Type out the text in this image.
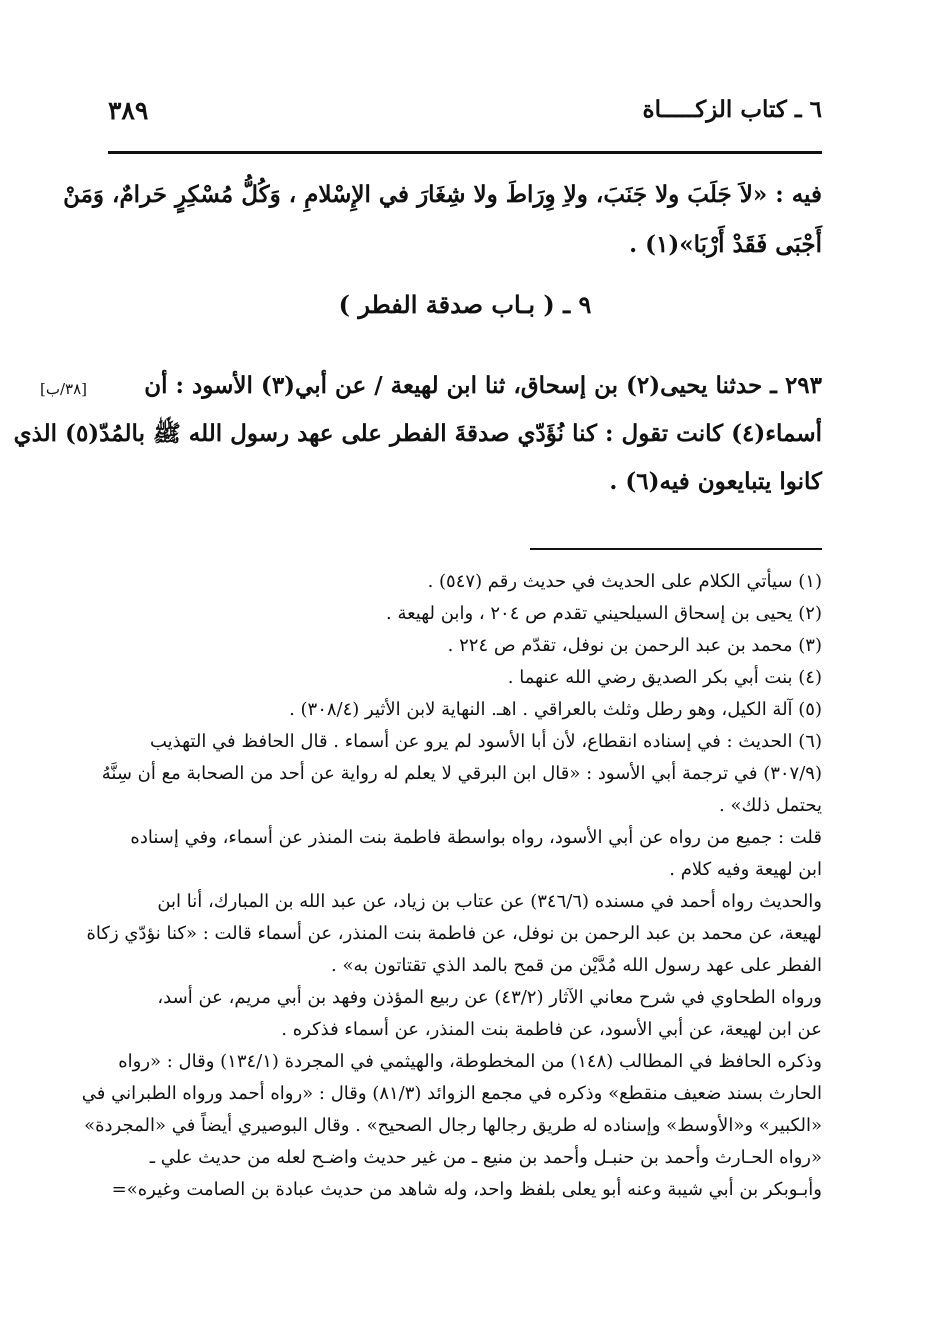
٦ ـ كتاب الزكـــــاة
٣٨٩
فيه : «لاَ جَلَبَ ولا جَنَبَ، ولاِ وِرَاطَ ولا شِغَارَ في الإِسْلامِ ، وَكُلُّ مُسْكِرٍ حَرامٌ، وَمَنْ
أَجْبَى فَقَدْ أَرْبَا»(١) .
٩ ـ ( بـاب صدقة الفطر )
[٣٨/ب]	٢٩٣ ـ حدثنا يحيى(٢) بن إسحاق، ثنا ابن لهيعة / عن أبي(٣) الأسود : أن
أسماء(٤) كانت تقول : كنا نُؤَدّي صدقةَ الفطر على عهد رسول الله ﷺ بالمُدّ(٥) الذي
كانوا يتبايعون فيه(٦) .
(١) سيأتي الكلام على الحديث في حديث رقم (٥٤٧) .
(٢) يحيى بن إسحاق السيلحيني تقدم ص ٢٠٤ ، وابن لهيعة .
(٣) محمد بن عبد الرحمن بن نوفل، تقدّم ص ٢٢٤ .
(٤) بنت أبي بكر الصديق رضي الله عنهما .
(٥) آلة الكيل، وهو رطل وثلث بالعراقي . اهـ. النهاية لابن الأثير (٣٠٨/٤) .
(٦) الحديث : في إسناده انقطاع، لأن أبا الأسود لم يرو عن أسماء . قال الحافظ في التهذيب
(٣٠٧/٩) في ترجمة أبي الأسود : «قال ابن البرقي لا يعلم له رواية عن أحد من الصحابة مع أن سِنَّهُ
يحتمل ذلك» .
قلت : جميع من رواه عن أبي الأسود، رواه بواسطة فاطمة بنت المنذر عن أسماء، وفي إسناده
ابن لهيعة وفيه كلام .
والحديث رواه أحمد في مسنده (٣٤٦/٦) عن عتاب بن زياد، عن عبد الله بن المبارك، أنا ابن
لهيعة، عن محمد بن عبد الرحمن بن نوفل، عن فاطمة بنت المنذر، عن أسماء قالت : «كنا نؤدّي زكاة
الفطر على عهد رسول الله مُدَّيْن من قمح بالمد الذي تقتاتون به» .
ورواه الطحاوي في شرح معاني الآثار (٤٣/٢) عن ربيع المؤذن وفهد بن أبي مريم، عن أسد،
عن ابن لهيعة، عن أبي الأسود، عن فاطمة بنت المنذر، عن أسماء فذكره .
وذكره الحافظ في المطالب (١٤٨) من المخطوطة، والهيثمي في المجردة (١٣٤/١) وقال : «رواه
الحارث بسند ضعيف منقطع» وذكره في مجمع الزوائد (٨١/٣) وقال : «رواه أحمد ورواه الطبراني في
«الكبير» و«الأوسط» وإسناده له طريق رجالها رجال الصحيح» . وقال البوصيري أيضاً في «المجردة»
«رواه الحـارث وأحمد بن حنبـل وأحمد بن منيع ـ من غير حديث واضـح لعله من حديث علي ـ
وأبـوبكر بن أبي شيبة وعنه أبو يعلى بلفظ واحد، وله شاهد من حديث عبادة بن الصامت وغيره»=
